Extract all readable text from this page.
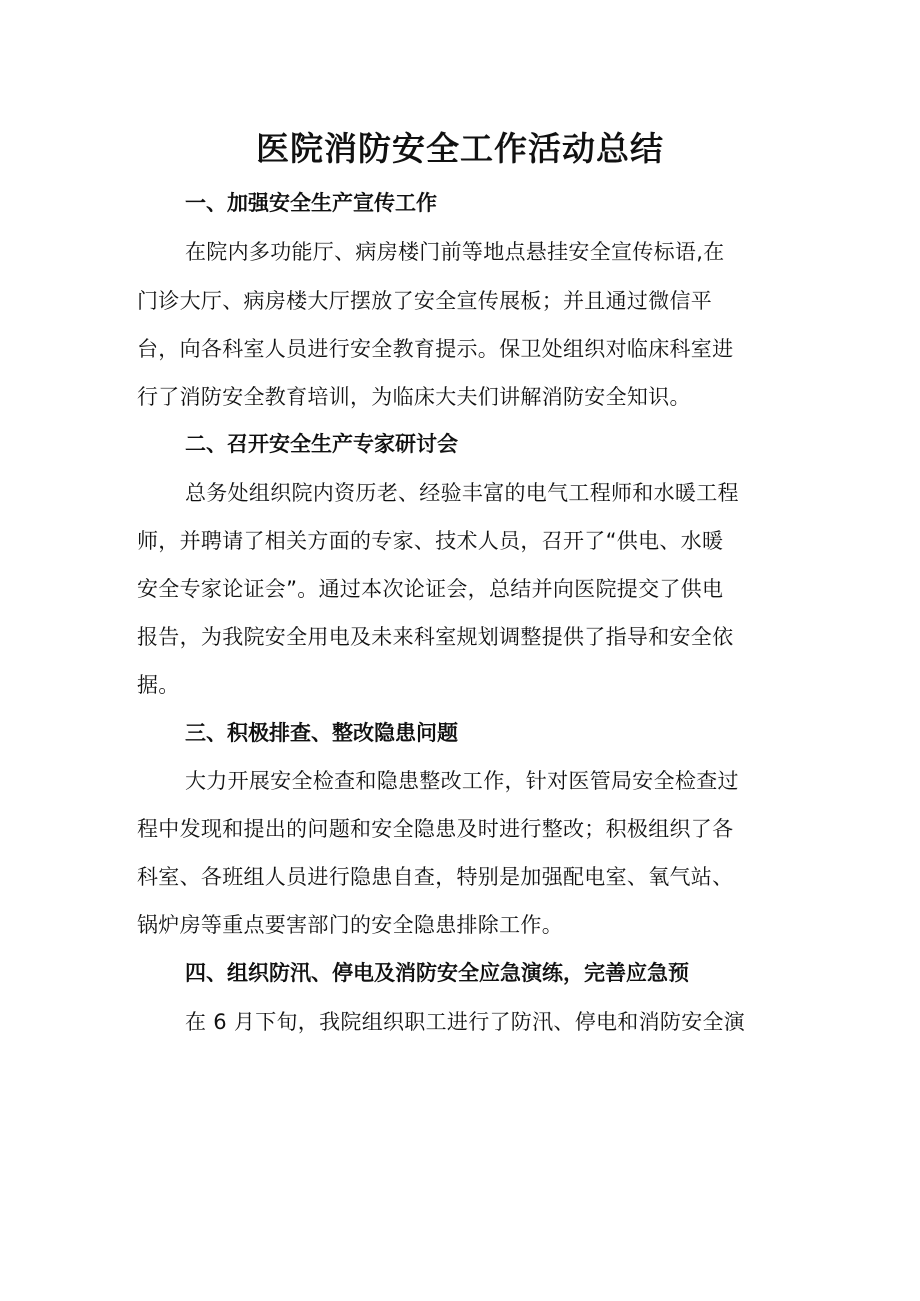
医院消防安全工作活动总结
一、加强安全生产宣传工作
在院内多功能厅、病房楼门前等地点悬挂安全宣传标语,在
门诊大厅、病房楼大厅摆放了安全宣传展板；并且通过微信平
台，向各科室人员进行安全教育提示。保卫处组织对临床科室进
行了消防安全教育培训，为临床大夫们讲解消防安全知识。
二、召开安全生产专家研讨会
总务处组织院内资历老、经验丰富的电气工程师和水暖工程
师，并聘请了相关方面的专家、技术人员，召开了“供电、水暖
安全专家论证会”。通过本次论证会，总结并向医院提交了供电
报告，为我院安全用电及未来科室规划调整提供了指导和安全依
据。
三、积极排查、整改隐患问题
大力开展安全检查和隐患整改工作，针对医管局安全检查过
程中发现和提出的问题和安全隐患及时进行整改；积极组织了各
科室、各班组人员进行隐患自查，特别是加强配电室、氧气站、
锅炉房等重点要害部门的安全隐患排除工作。
四、组织防汛、停电及消防安全应急演练，完善应急预
在 6 月下旬，我院组织职工进行了防汛、停电和消防安全演
